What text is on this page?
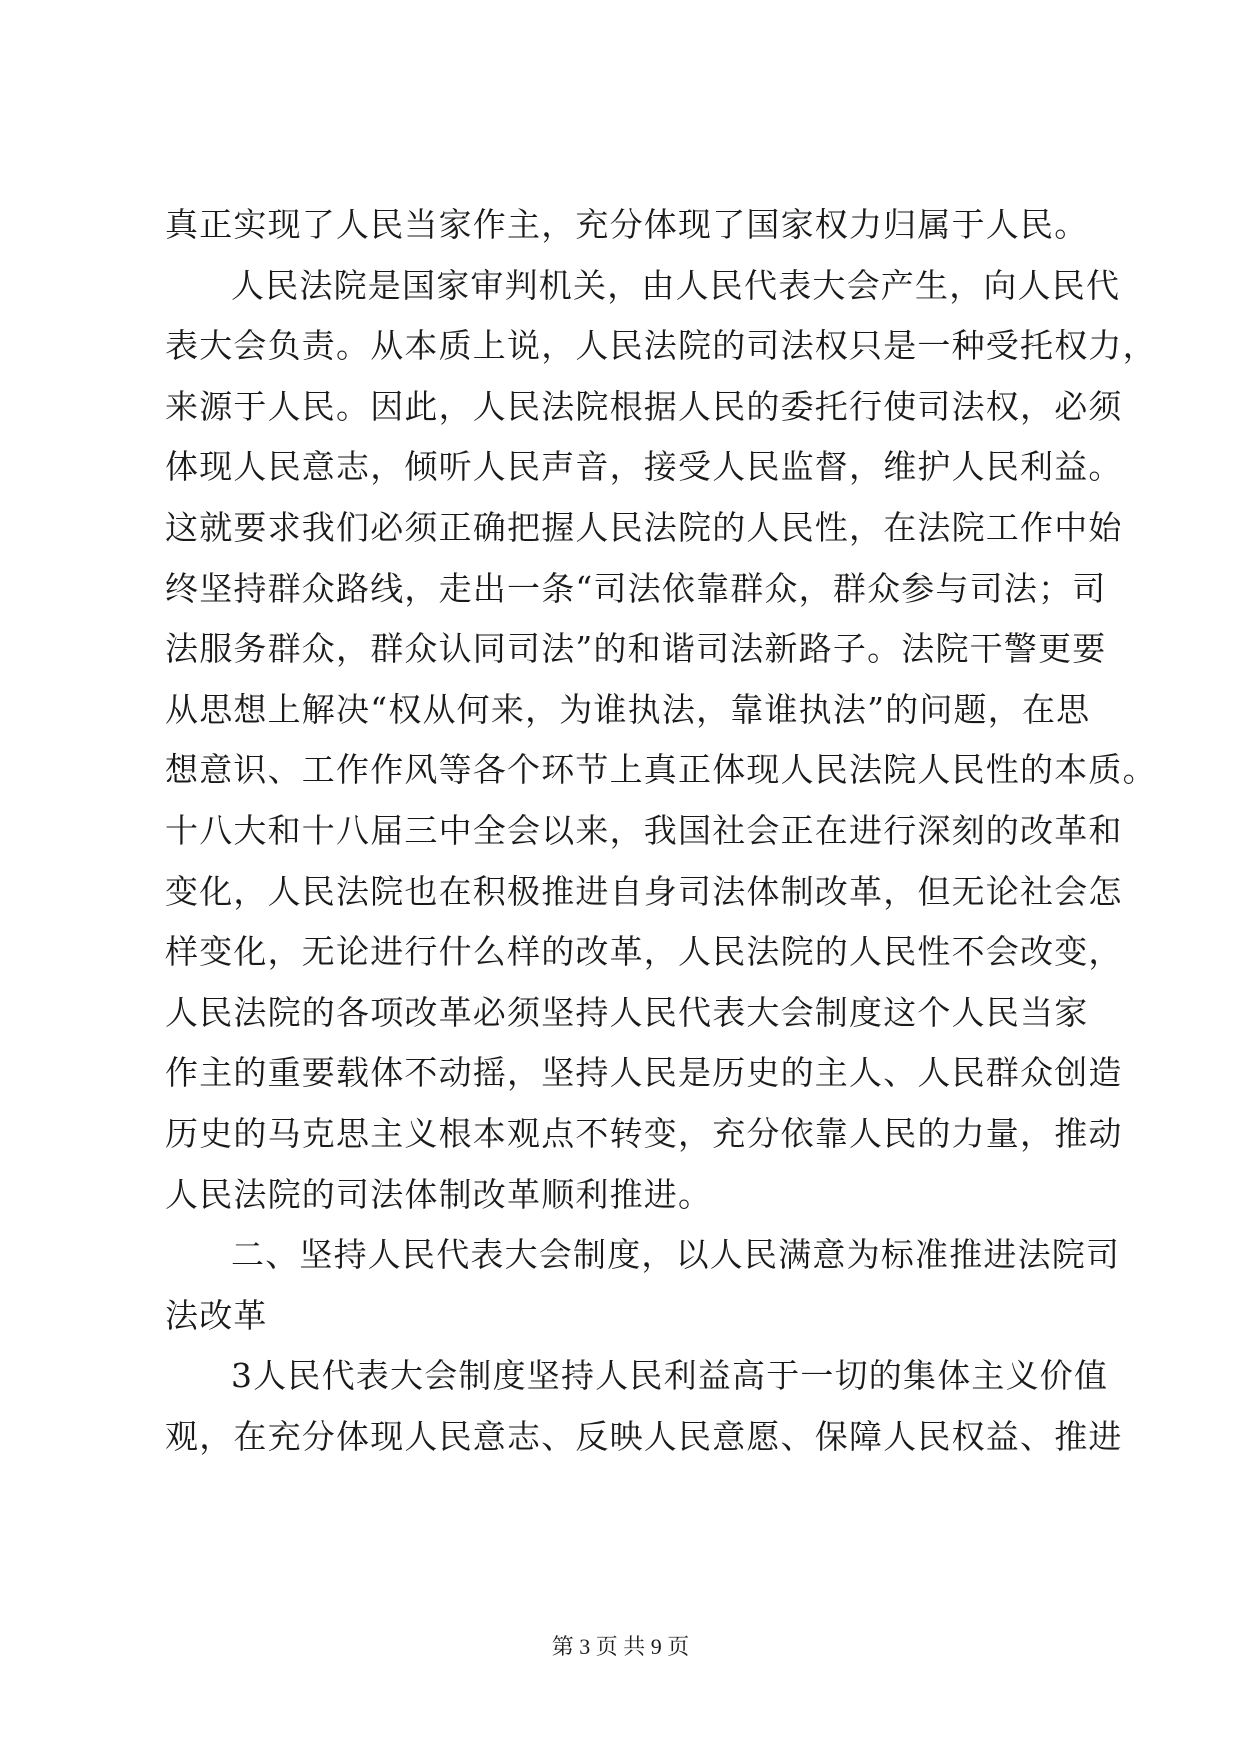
真正实现了人民当家作主，充分体现了国家权力归属于人民。
人民法院是国家审判机关，由人民代表大会产生，向人民代
表大会负责。从本质上说，人民法院的司法权只是一种受托权力，
来源于人民。因此，人民法院根据人民的委托行使司法权，必须
体现人民意志，倾听人民声音，接受人民监督，维护人民利益。
这就要求我们必须正确把握人民法院的人民性，在法院工作中始
终坚持群众路线，走出一条“司法依靠群众，群众参与司法；司
法服务群众，群众认同司法”的和谐司法新路子。法院干警更要
从思想上解决“权从何来，为谁执法，靠谁执法”的问题，在思
想意识、工作作风等各个环节上真正体现人民法院人民性的本质。
十八大和十八届三中全会以来，我国社会正在进行深刻的改革和
变化，人民法院也在积极推进自身司法体制改革，但无论社会怎
样变化，无论进行什么样的改革，人民法院的人民性不会改变，
人民法院的各项改革必须坚持人民代表大会制度这个人民当家
作主的重要载体不动摇，坚持人民是历史的主人、人民群众创造
历史的马克思主义根本观点不转变，充分依靠人民的力量，推动
人民法院的司法体制改革顺利推进。
二、坚持人民代表大会制度，以人民满意为标准推进法院司
法改革
3人民代表大会制度坚持人民利益高于一切的集体主义价值
观，在充分体现人民意志、反映人民意愿、保障人民权益、推进
第 3 页 共 9 页
